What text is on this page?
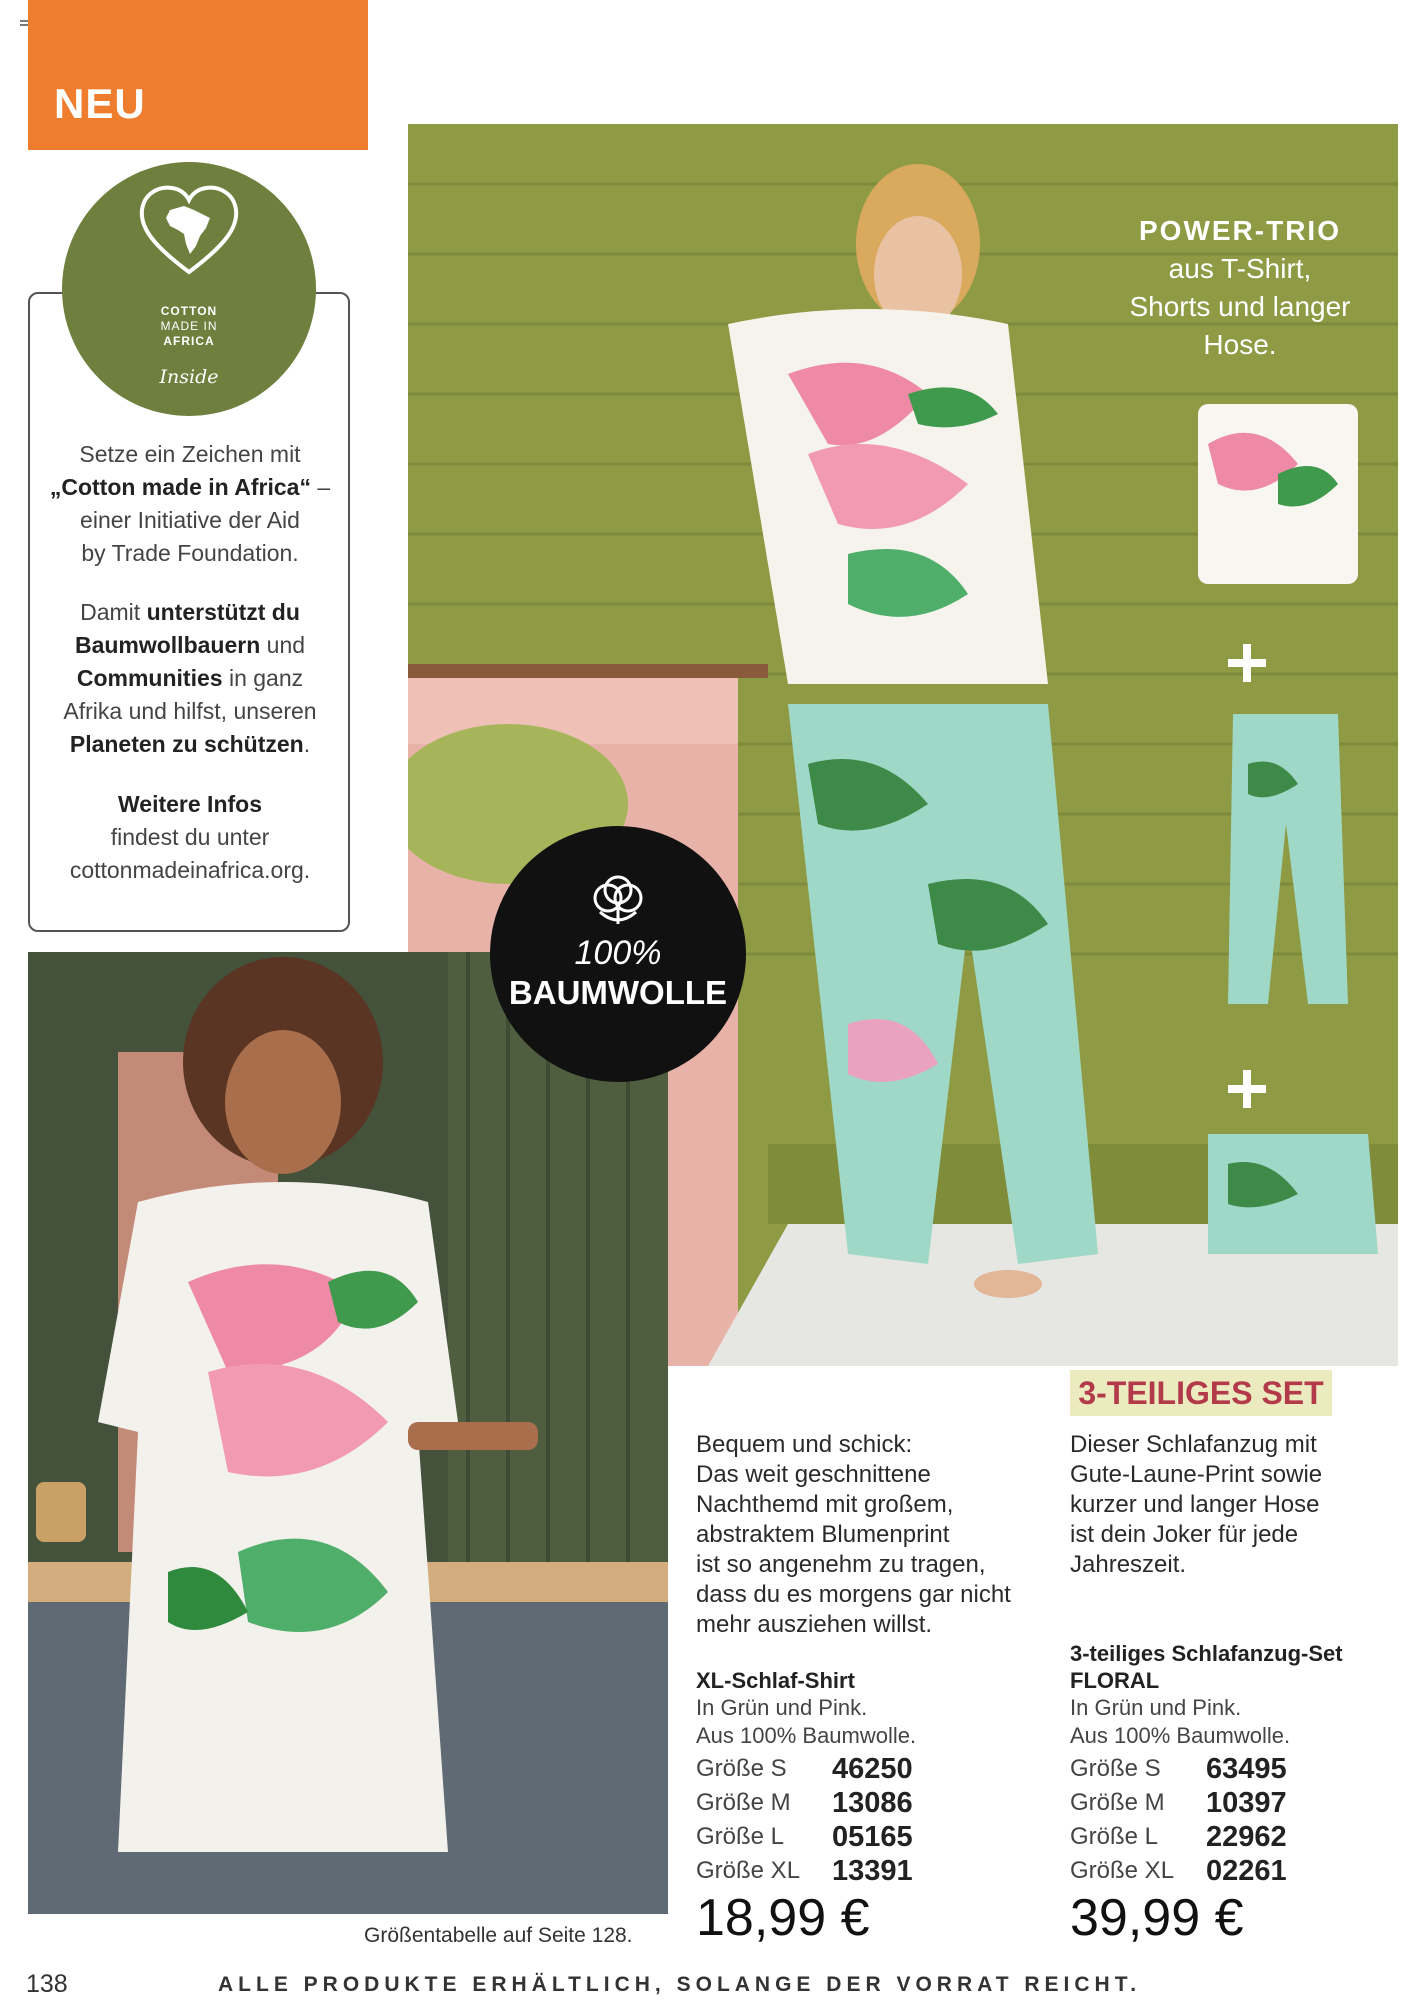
NEU
COTTON
MADE IN
AFRICA
Inside
Setze ein Zeichen mit
„Cotton made in Africa“ –
einer Initiative der Aid
by Trade Foundation.
Damit unterstützt du
Baumwollbauern und
Communities in ganz
Afrika und hilfst, unseren
Planeten zu schützen.
Weitere Infos
findest du unter
cottonmadeinafrica.org.
100%
BAUMWOLLE
POWER-TRIO
aus T-Shirt,
Shorts und langer
Hose.
3-TEILIGES SET
Bequem und schick:
Das weit geschnittene
Nachthemd mit großem,
abstraktem Blumenprint
ist so angenehm zu tragen,
dass du es morgens gar nicht
mehr ausziehen willst.
XL-Schlaf-Shirt
In Grün und Pink.
Aus 100% Baumwolle.
Größe S	46250
Größe M	13086
Größe L	05165
Größe XL	13391
18,99 €
Dieser Schlafanzug mit
Gute-Laune-Print sowie
kurzer und langer Hose
ist dein Joker für jede
Jahreszeit.
3-teiliges Schlafanzug-Set
FLORAL
In Grün und Pink.
Aus 100% Baumwolle.
Größe S	63495
Größe M	10397
Größe L	22962
Größe XL	02261
39,99 €
Größentabelle auf Seite 128.
138	ALLE PRODUKTE ERHÄLTLICH, SOLANGE DER VORRAT REICHT.
